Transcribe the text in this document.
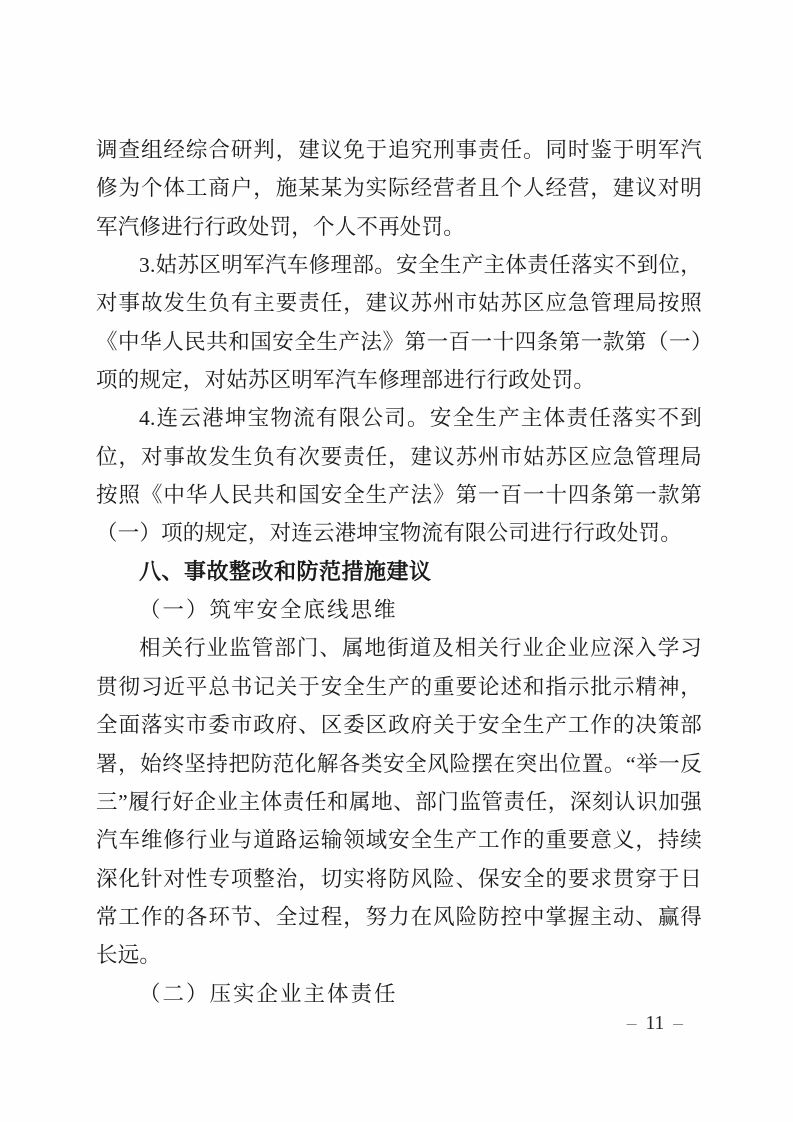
调查组经综合研判，建议免于追究刑事责任。同时鉴于明军汽修为个体工商户，施某某为实际经营者且个人经营，建议对明军汽修进行行政处罚，个人不再处罚。

3.姑苏区明军汽车修理部。安全生产主体责任落实不到位，对事故发生负有主要责任，建议苏州市姑苏区应急管理局按照《中华人民共和国安全生产法》第一百一十四条第一款第（一）项的规定，对姑苏区明军汽车修理部进行行政处罚。

4.连云港坤宝物流有限公司。安全生产主体责任落实不到位，对事故发生负有次要责任，建议苏州市姑苏区应急管理局按照《中华人民共和国安全生产法》第一百一十四条第一款第（一）项的规定，对连云港坤宝物流有限公司进行行政处罚。

八、事故整改和防范措施建议

（一）筑牢安全底线思维

相关行业监管部门、属地街道及相关行业企业应深入学习贯彻习近平总书记关于安全生产的重要论述和指示批示精神，全面落实市委市政府、区委区政府关于安全生产工作的决策部署，始终坚持把防范化解各类安全风险摆在突出位置。“举一反三”履行好企业主体责任和属地、部门监管责任，深刻认识加强汽车维修行业与道路运输领域安全生产工作的重要意义，持续深化针对性专项整治，切实将防风险、保安全的要求贯穿于日常工作的各环节、全过程，努力在风险防控中掌握主动、赢得长远。

（二）压实企业主体责任

– 11 –
